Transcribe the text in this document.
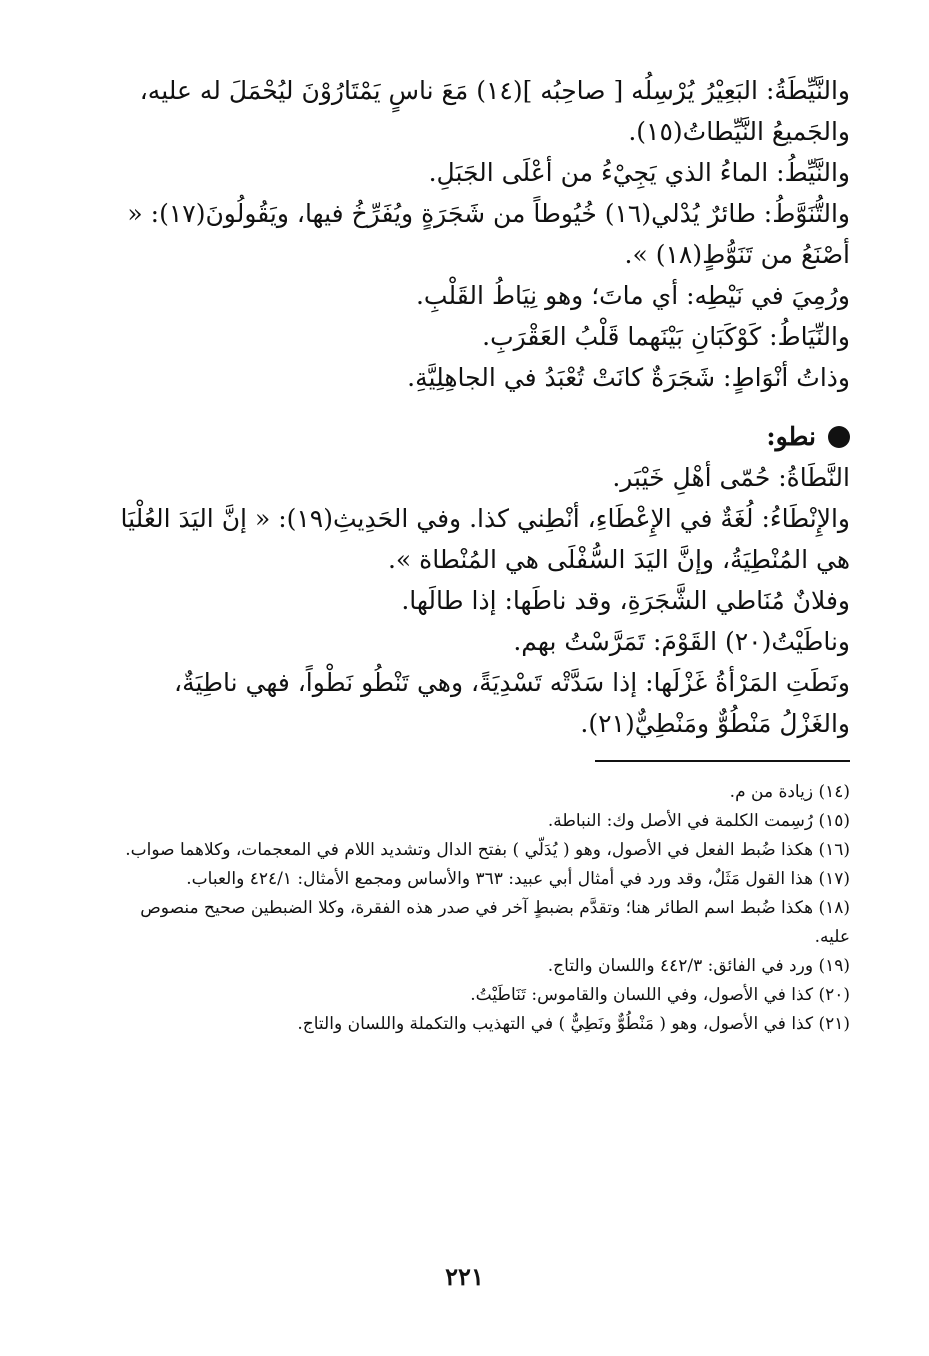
والنَّيِّطَةُ: البَعِيْرُ يُرْسِلُه [ صاحِبُه ](١٤) مَعَ ناسٍ يَمْتَارُوْنَ ليُحْمَلَ له عليه، والجَميعُ النَّيِّطاتُ(١٥).

والنَّيِّطُ: الماءُ الذي يَجِيْءُ من أعْلَى الجَبَلِ.

والتُّنَوَّطُ: طائرٌ يُدْلي(١٦) خُيُوطاً من شَجَرَةٍ ويُفَرِّخُ فيها، ويَقُولُونَ(١٧): « أصْنَعُ من تَنَوُّطٍ(١٨) ».

ورُمِيَ في نَيْطِه: أي ماتَ؛ وهو نِيَاطُ القَلْبِ.

والنِّيَاطُ: كَوْكَبَانِ بَيْنَهما قَلْبُ العَقْرَبِ.

وذاتُ أنْوَاطٍ: شَجَرَةٌ كانَتْ تُعْبَدُ في الجاهِلِيَّةِ.

نطو:

النَّطَاةُ: حُمّى أهْلِ خَيْبَر.

والإِنْطَاءُ: لُغَةٌ في الإِعْطَاءِ، أنْطِني كذا. وفي الحَدِيثِ(١٩): « إنَّ اليَدَ العُلْيَا هي المُنْطِيَةُ، وإنَّ اليَدَ السُّفْلَى هي المُنْطاة ».

وفلانٌ مُنَاطي الشَّجَرَةِ، وقد ناطَها: إذا طالَها.

وناطَيْتُ(٢٠) القَوْمَ: تَمَرَّسْتُ بهم.

ونَطَتِ المَرْأةُ غَزْلَها: إذا سَدَّتْه تَسْدِيَةً، وهي تَنْطُو نَطْواً، فهي ناطِيَةٌ، والغَزْلُ مَنْطُوٌّ ومَنْطِيٌّ(٢١).

(١٤) زيادة من م.

(١٥) رُسِمت الكلمة في الأصل وك: النباطة.

(١٦) هكذا ضُبط الفعل في الأصول، وهو ( يُدَلّي ) بفتح الدال وتشديد اللام في المعجمات، وكلاهما صواب.

(١٧) هذا القول مَثَلٌ، وقد ورد في أمثال أبي عبيد: ٣٦٣ والأساس ومجمع الأمثال: ٤٢٤/١ والعباب.

(١٨) هكذا ضُبط اسم الطائر هنا؛ وتقدَّم بضبطٍ آخر في صدر هذه الفقرة، وكلا الضبطين صحيح منصوص عليه.

(١٩) ورد في الفائق: ٤٤٢/٣ واللسان والتاج.

(٢٠) كذا في الأصول، وفي اللسان والقاموس: تَنَاطَيْتُ.

(٢١) كذا في الأصول، وهو ( مَنْطُوٌّ ونَطِيٌّ ) في التهذيب والتكملة واللسان والتاج.

٢٢١
